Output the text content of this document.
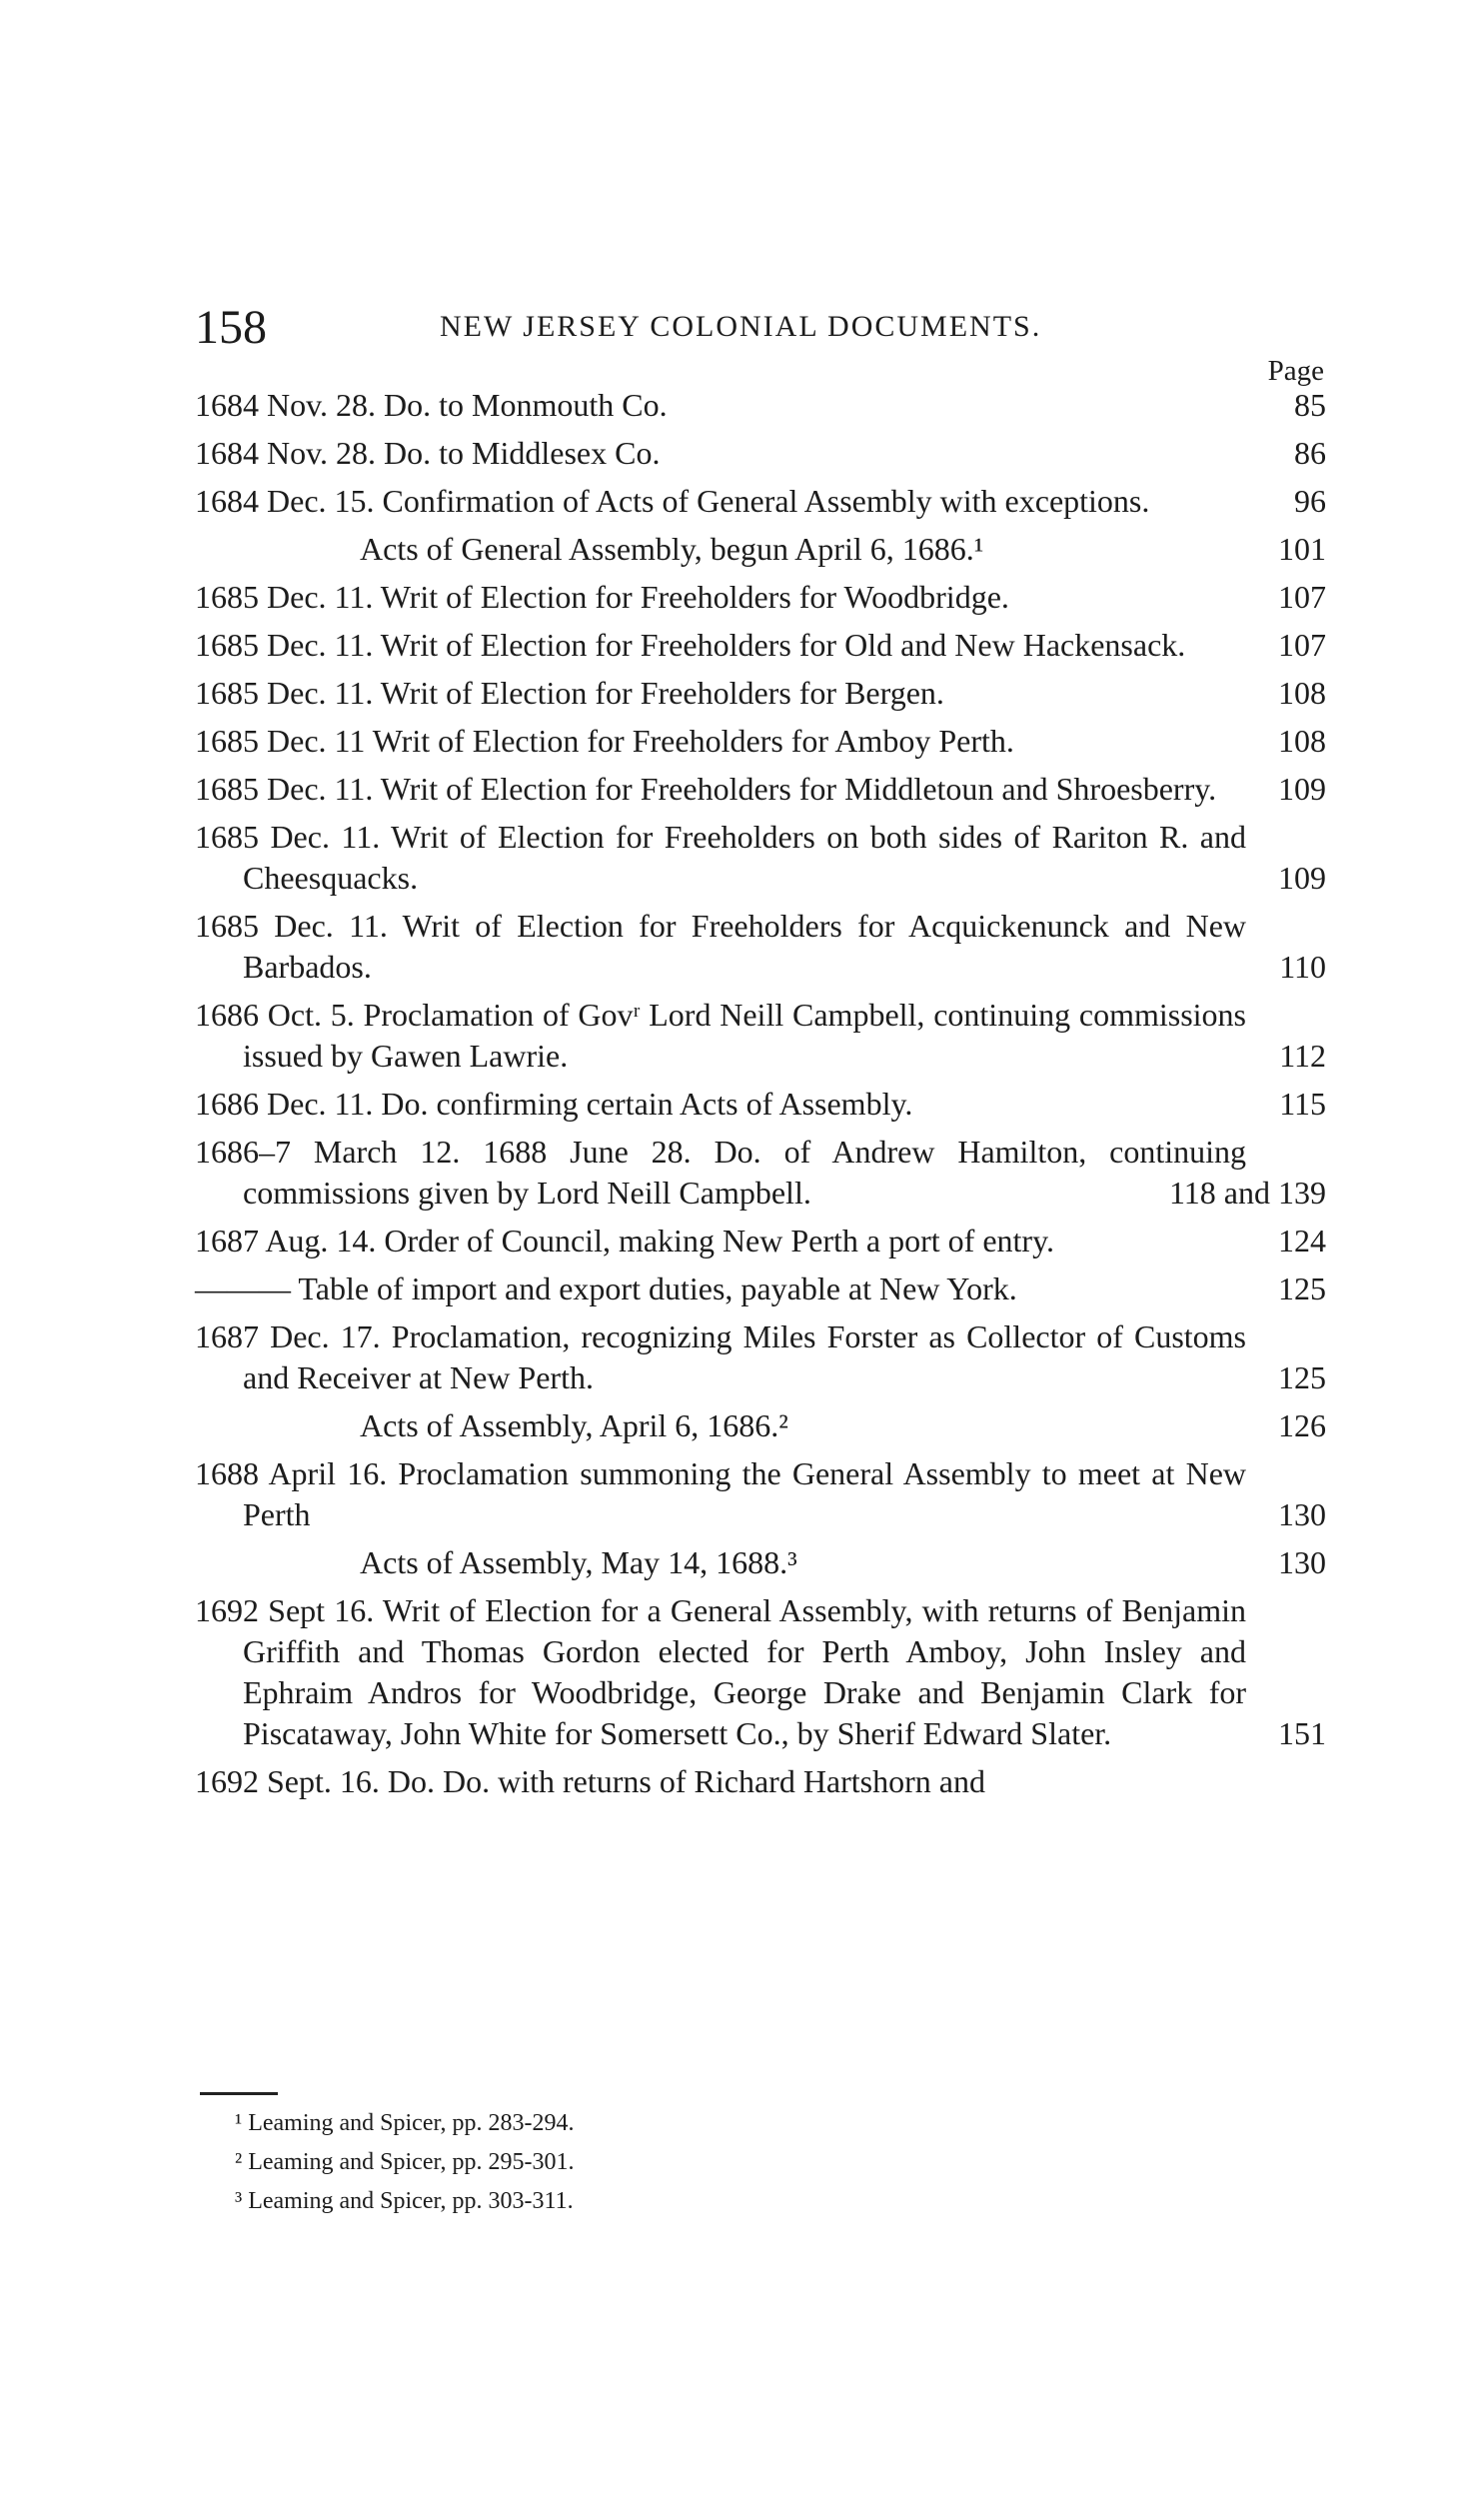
158	NEW JERSEY COLONIAL DOCUMENTS.
Page
1684 Nov. 28. Do. to Monmouth Co.	85
1684 Nov. 28. Do. to Middlesex Co.	86
1684 Dec. 15. Confirmation of Acts of General Assembly with exceptions.	96
Acts of General Assembly, begun April 6, 1686.¹	101
1685 Dec. 11. Writ of Election for Freeholders for Woodbridge.	107
1685 Dec. 11. Writ of Election for Freeholders for Old and New Hackensack.	107
1685 Dec. 11. Writ of Election for Freeholders for Bergen.	108
1685 Dec. 11 Writ of Election for Freeholders for Amboy Perth.	108
1685 Dec. 11. Writ of Election for Freeholders for Middletoun and Shroesberry.	109
1685 Dec. 11. Writ of Election for Freeholders on both sides of Rariton R. and Cheesquacks.	109
1685 Dec. 11. Writ of Election for Freeholders for Acquickenunck and New Barbados.	110
1686 Oct. 5. Proclamation of Govʳ Lord Neill Campbell, continuing commissions issued by Gawen Lawrie.	112
1686 Dec. 11. Do. confirming certain Acts of Assembly.	115
1686–7 March 12. 1688 June 28. Do. of Andrew Hamilton, continuing commissions given by Lord Neill Campbell.	118 and 139
1687 Aug. 14. Order of Council, making New Perth a port of entry.	124
——— Table of import and export duties, payable at New York.	125
1687 Dec. 17. Proclamation, recognizing Miles Forster as Collector of Customs and Receiver at New Perth.	125
Acts of Assembly, April 6, 1686.²	126
1688 April 16. Proclamation summoning the General Assembly to meet at New Perth	130
Acts of Assembly, May 14, 1688.³	130
1692 Sept 16. Writ of Election for a General Assembly, with returns of Benjamin Griffith and Thomas Gordon elected for Perth Amboy, John Insley and Ephraim Andros for Woodbridge, George Drake and Benjamin Clark for Piscataway, John White for Somersett Co., by Sherif Edward Slater.	151
1692 Sept. 16. Do. Do. with returns of Richard Hartshorn and
¹ Leaming and Spicer, pp. 283-294.
² Leaming and Spicer, pp. 295-301.
³ Leaming and Spicer, pp. 303-311.
